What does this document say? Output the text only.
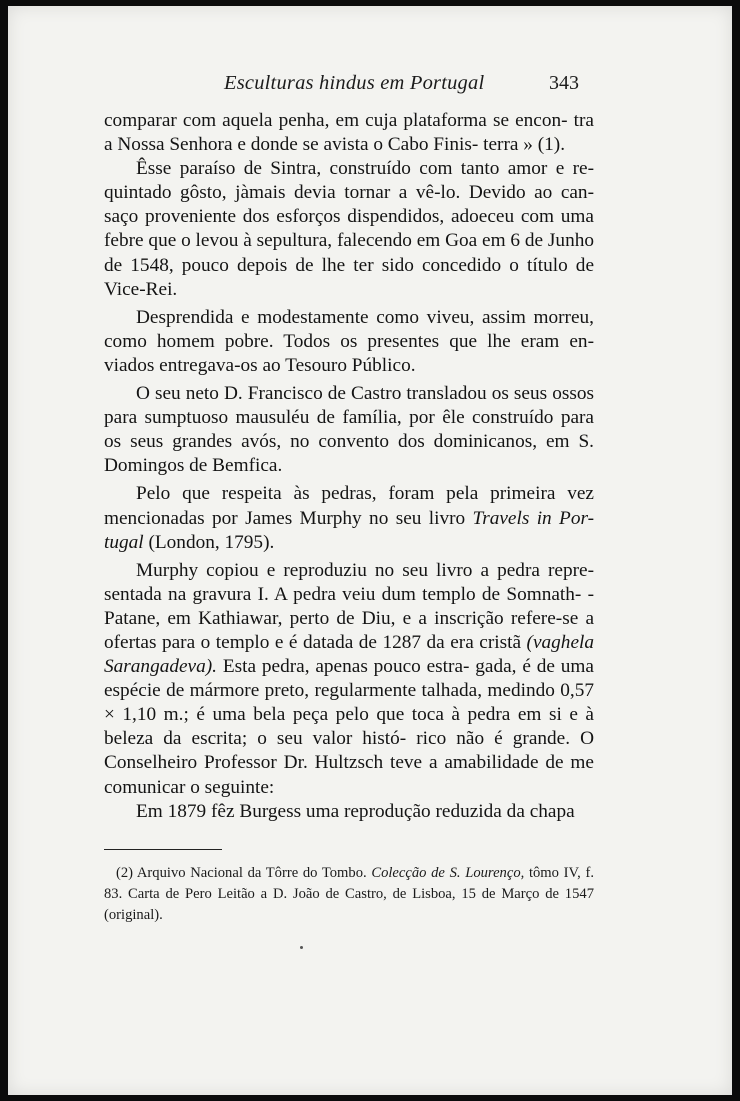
Esculturas hindus em Portugal	343

comparar com aquela penha, em cuja plataforma se encon- tra a Nossa Senhora e donde se avista o Cabo Finis- terra » (1).

Êsse paraíso de Sintra, construído com tanto amor e re- quintado gôsto, jàmais devia tornar a vê-lo. Devido ao can- saço proveniente dos esforços dispendidos, adoeceu com uma febre que o levou à sepultura, falecendo em Goa em 6 de Junho de 1548, pouco depois de lhe ter sido concedido o título de Vice-Rei.

Desprendida e modestamente como viveu, assim morreu, como homem pobre. Todos os presentes que lhe eram en- viados entregava-os ao Tesouro Público.

O seu neto D. Francisco de Castro transladou os seus ossos para sumptuoso mausuléu de família, por êle construído para os seus grandes avós, no convento dos dominicanos, em S. Domingos de Bemfica.

Pelo que respeita às pedras, foram pela primeira vez mencionadas por James Murphy no seu livro Travels in Por- tugal (London, 1795).

Murphy copiou e reproduziu no seu livro a pedra repre- sentada na gravura I. A pedra veiu dum templo de Somnath- -Patane, em Kathiawar, perto de Diu, e a inscrição refere-se a ofertas para o templo e é datada de 1287 da era cristã (vaghela Sarangadeva). Esta pedra, apenas pouco estra- gada, é de uma espécie de mármore preto, regularmente talhada, medindo 0,57 × 1,10 m.; é uma bela peça pelo que toca à pedra em si e à beleza da escrita; o seu valor histó- rico não é grande. O Conselheiro Professor Dr. Hultzsch teve a amabilidade de me comunicar o seguinte:

Em 1879 fêz Burgess uma reprodução reduzida da chapa

(2) Arquivo Nacional da Tôrre do Tombo. Colecção de S. Lourenço, tômo IV, f. 83. Carta de Pero Leitão a D. João de Castro, de Lisboa, 15 de Março de 1547 (original).
